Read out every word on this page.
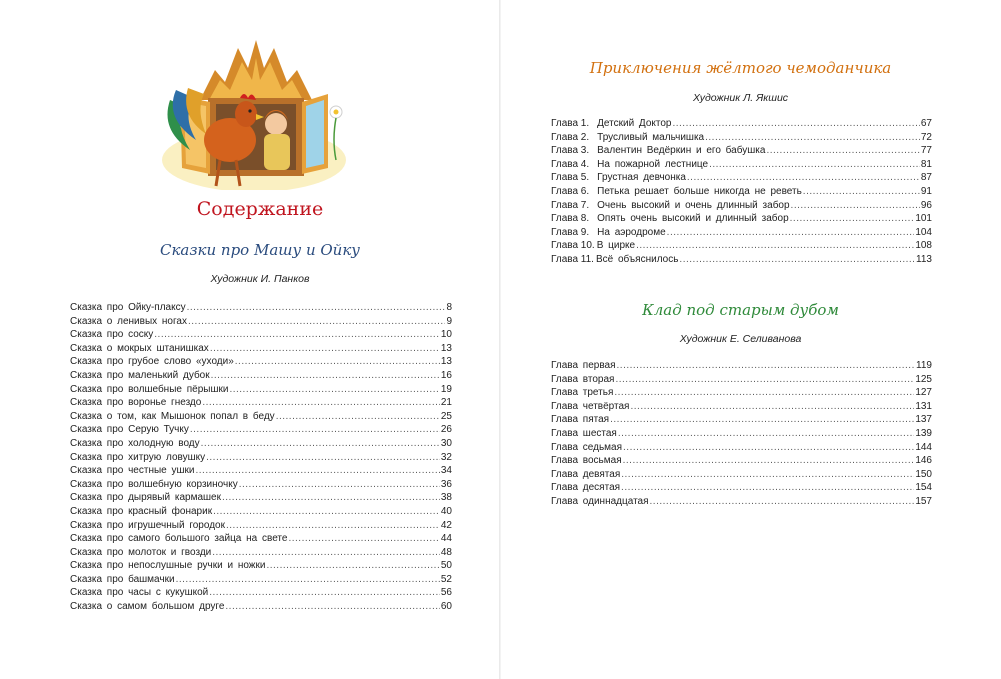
Содержание
Сказки про Машу и Ойку
Художник И. Панков
Сказка про Ойку-плаксу .....	8
Сказка о ленивых ногах .....	9
Сказка про соску .....	10
Сказка о мокрых штанишках .....	13
Сказка про грубое слово «уходи» .....	13
Сказка про маленький дубок .....	16
Сказка про волшебные пёрышки .....	19
Сказка про воронье гнездо .....	21
Сказка о том, как Мышонок попал в беду .....	25
Сказка про Серую Тучку .....	26
Сказка про холодную воду .....	30
Сказка про хитрую ловушку .....	32
Сказка про честные ушки .....	34
Сказка про волшебную корзиночку .....	36
Сказка про дырявый кармашек .....	38
Сказка про красный фонарик .....	40
Сказка про игрушечный городок .....	42
Сказка про самого большого зайца на свете .....	44
Сказка про молоток и гвозди .....	48
Сказка про непослушные ручки и ножки .....	50
Сказка про башмачки .....	52
Сказка про часы с кукушкой .....	56
Сказка о самом большом друге .....	60
Приключения жёлтого чемоданчика
Художник Л. Якшис
Глава 1. Детский Доктор .....	67
Глава 2. Трусливый мальчишка .....	72
Глава 3. Валентин Ведёркин и его бабушка .....	77
Глава 4. На пожарной лестнице .....	81
Глава 5. Грустная девчонка .....	87
Глава 6. Петька решает больше никогда не реветь .....	91
Глава 7. Очень высокий и очень длинный забор .....	96
Глава 8. Опять очень высокий и длинный забор .....	101
Глава 9. На аэродроме .....	104
Глава 10. В цирке .....	108
Глава 11. Всё объяснилось .....	113
Клад под старым дубом
Художник Е. Селиванова
Глава первая .....	119
Глава вторая .....	125
Глава третья .....	127
Глава четвёртая .....	131
Глава пятая .....	137
Глава шестая .....	139
Глава седьмая .....	144
Глава восьмая .....	146
Глава девятая .....	150
Глава десятая .....	154
Глава одиннадцатая .....	157
